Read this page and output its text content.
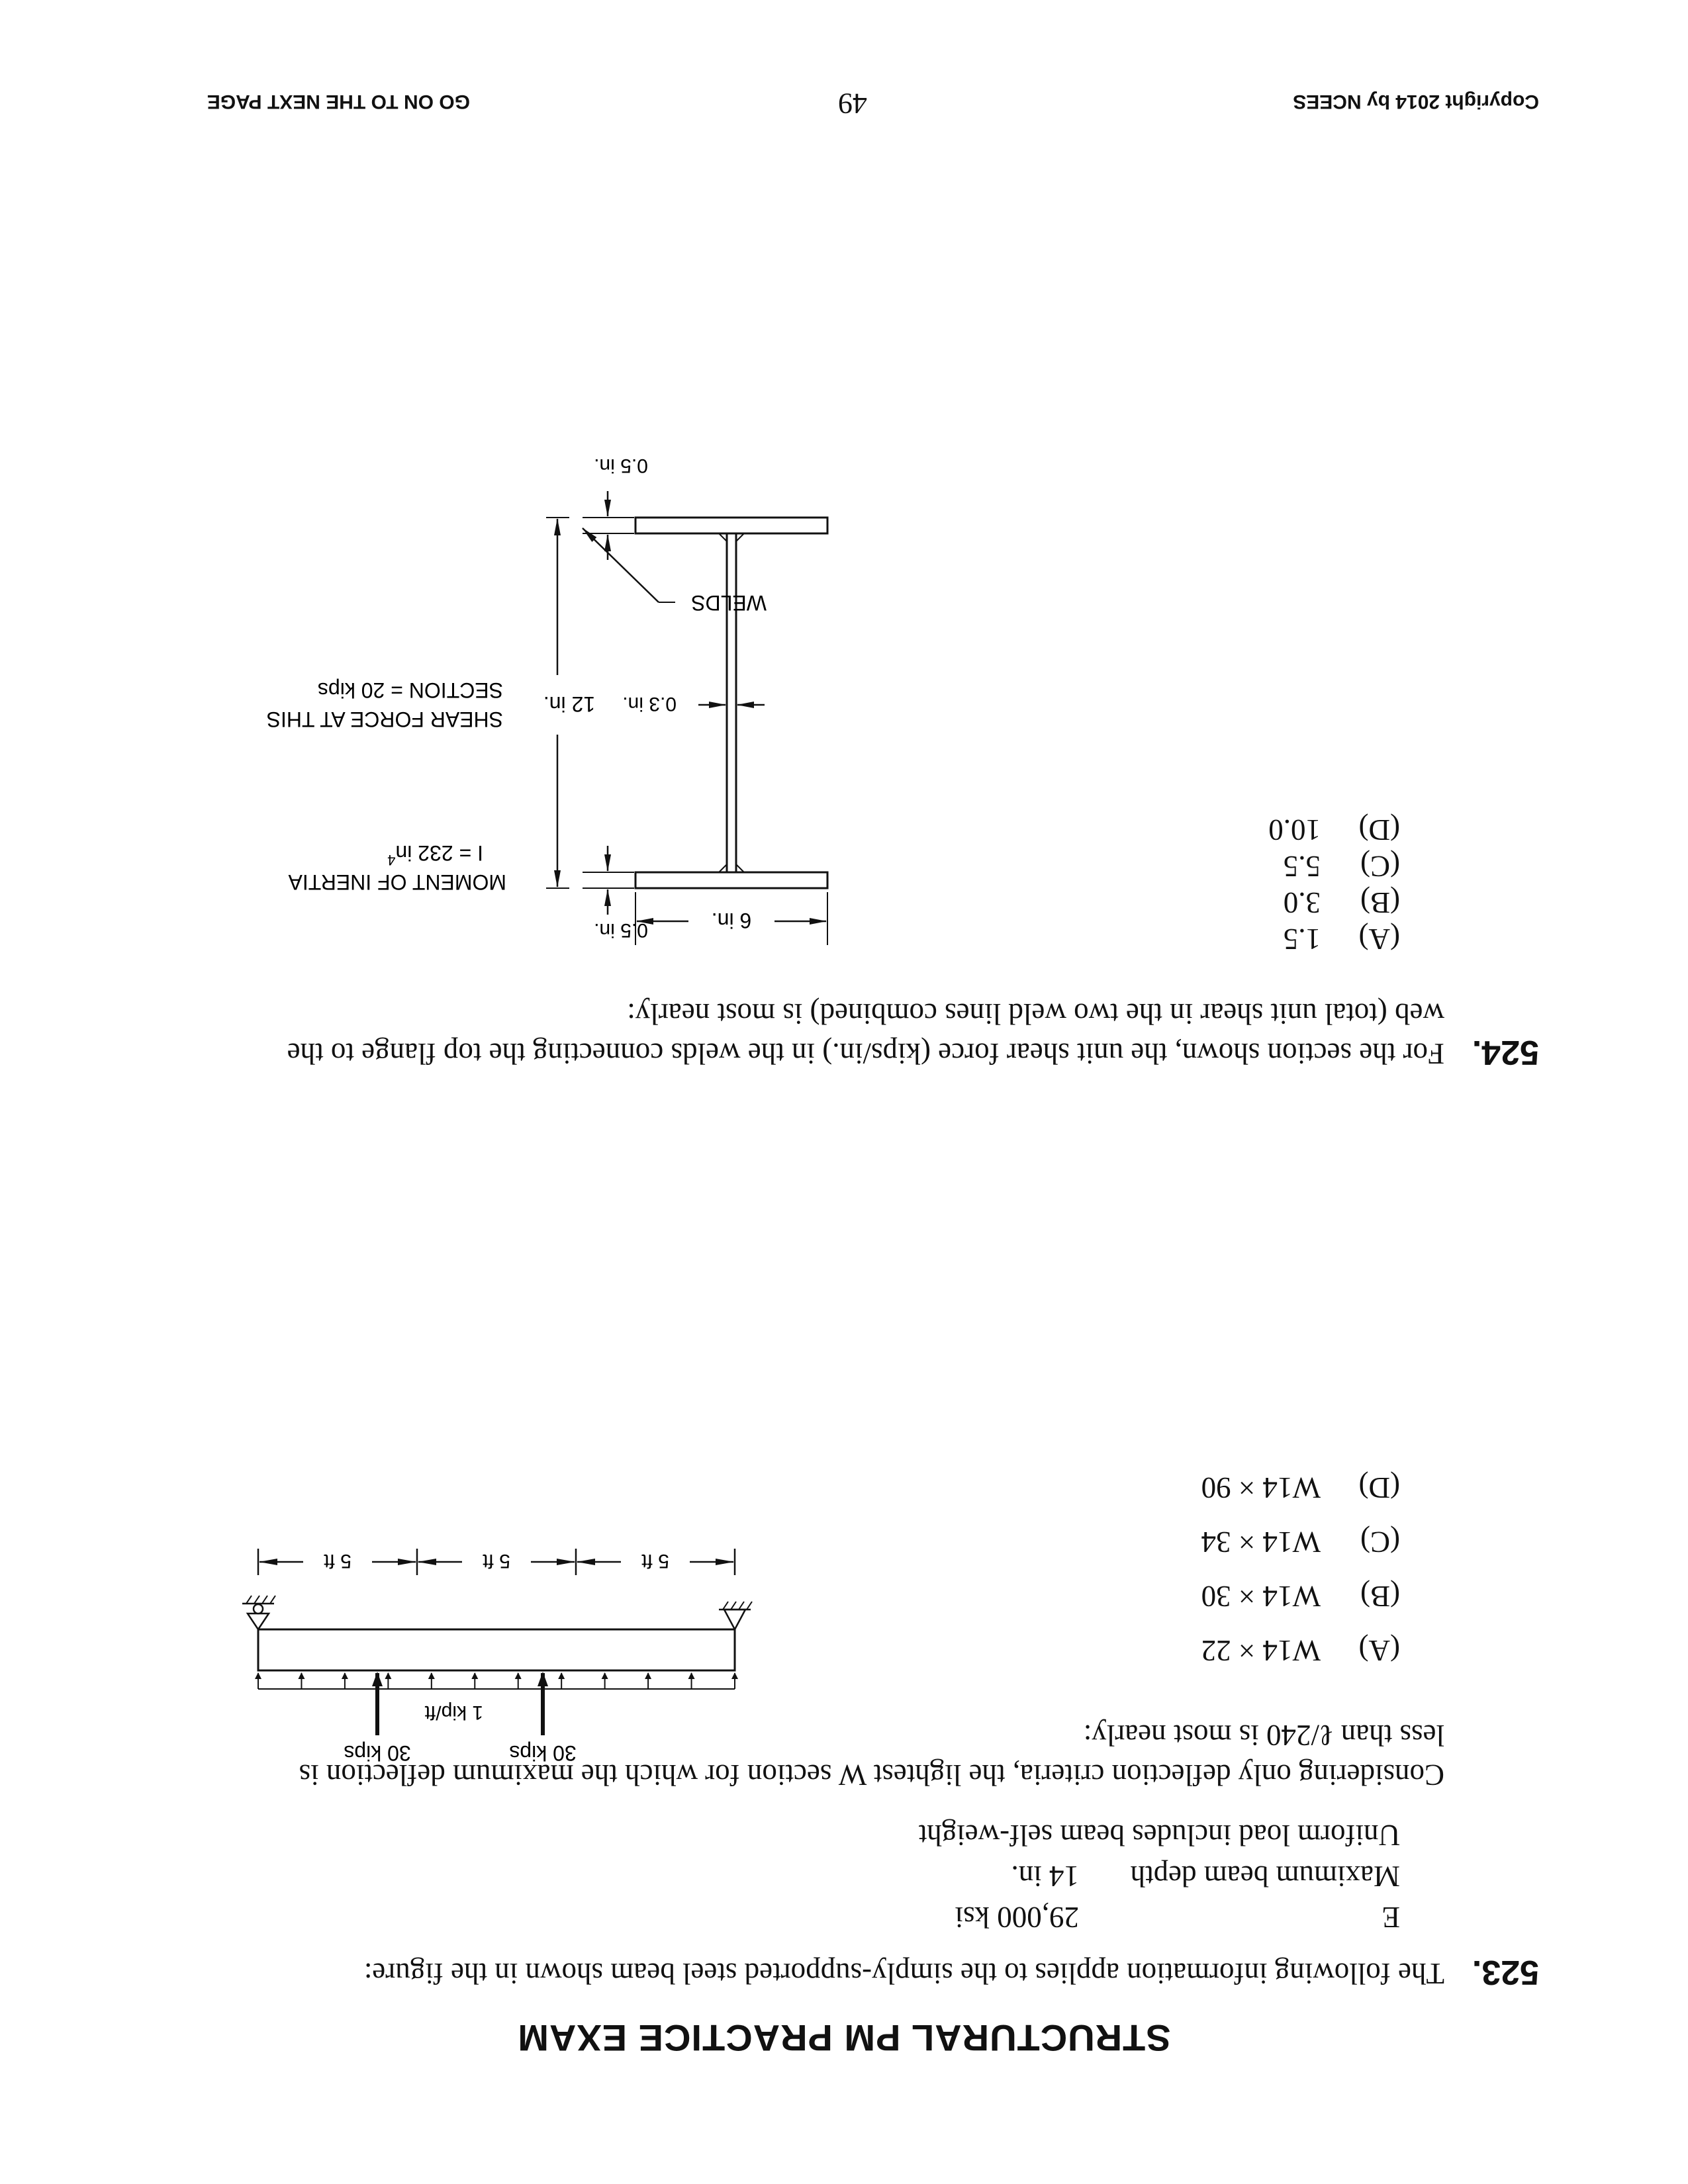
STRUCTURAL PM PRACTICE EXAM
523.
The following information applies to the simply-supported steel beam shown in the figure:
E
29,000 ksi
Maximum beam depth
14 in.
Uniform load includes beam self-weight
Considering only deflection criteria, the lightest W section for which the maximum deflection is
less than ℓ/240 is most nearly:
(A)
W14 × 22
(B)
W14 × 30
(C)
W14 × 34
(D)
W14 × 90
30 kips
30 kips
1 kip/ft
5 ft
5 ft
5 ft
524.
For the section shown, the unit shear force (kips/in.) in the welds connecting the top flange to the
web (total unit shear in the two weld lines combined) is most nearly:
(A)
1.5
(B)
3.0
(C)
5.5
(D)
10.0
6 in.
0.5 in.
12 in. 0.3 in.
SHEAR FORCE AT THIS
SECTION = 20 kips
MOMENT OF INERTIA
I = 232 $in^4$
WELDS
0.5 in.
Copyright 2014 by NCEES
49
GO ON TO THE NEXT PAGE
